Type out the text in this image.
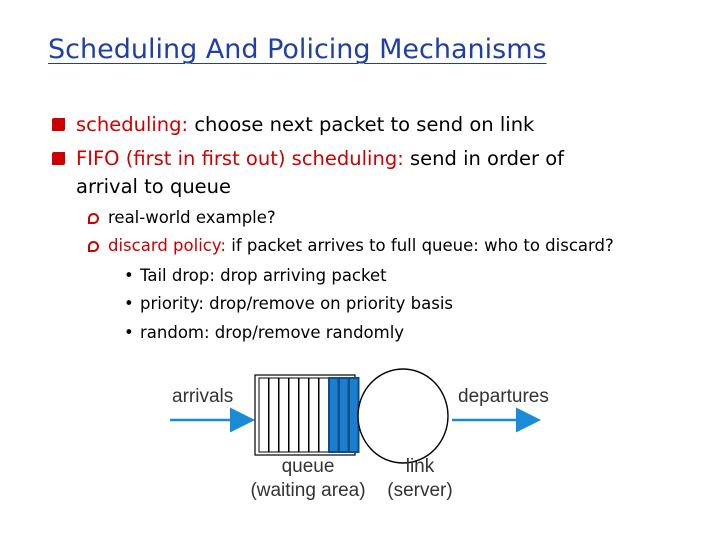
Scheduling And Policing Mechanisms
scheduling: choose next packet to send on link
FIFO (first in first out) scheduling: send in order of
arrival to queue
real-world example?
discard policy: if packet arrives to full queue: who to discard?
• Tail drop: drop arriving packet
• priority: drop/remove on priority basis
• random: drop/remove randomly
arrivals	departures
queue
(waiting area)
link
(server)
